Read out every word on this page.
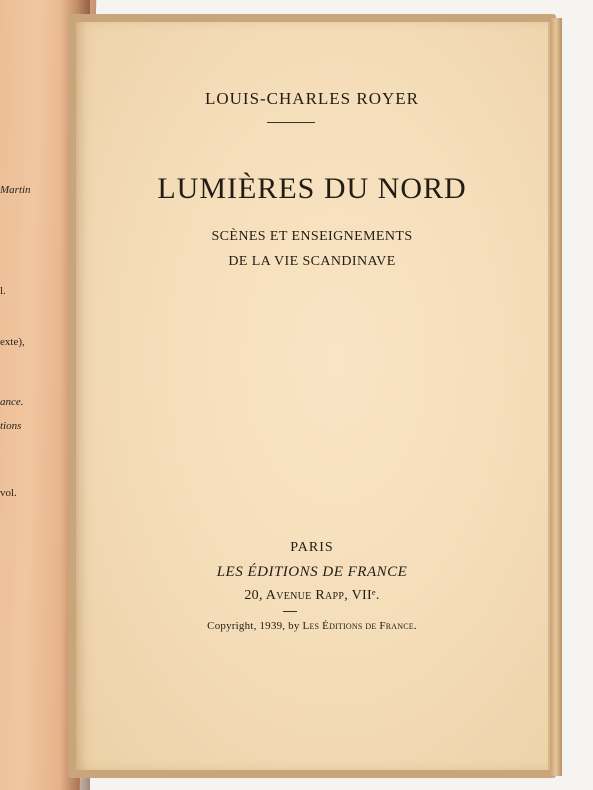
Martin
l.
exte),
ance.
tions
vol.
LOUIS-CHARLES ROYER
LUMIÈRES DU NORD
SCÈNES ET ENSEIGNEMENTS
DE LA VIE SCANDINAVE
PARIS
LES ÉDITIONS DE FRANCE
20, Avenue Rapp, VIIᵉ.
Copyright, 1939, by Les Éditions de France.
